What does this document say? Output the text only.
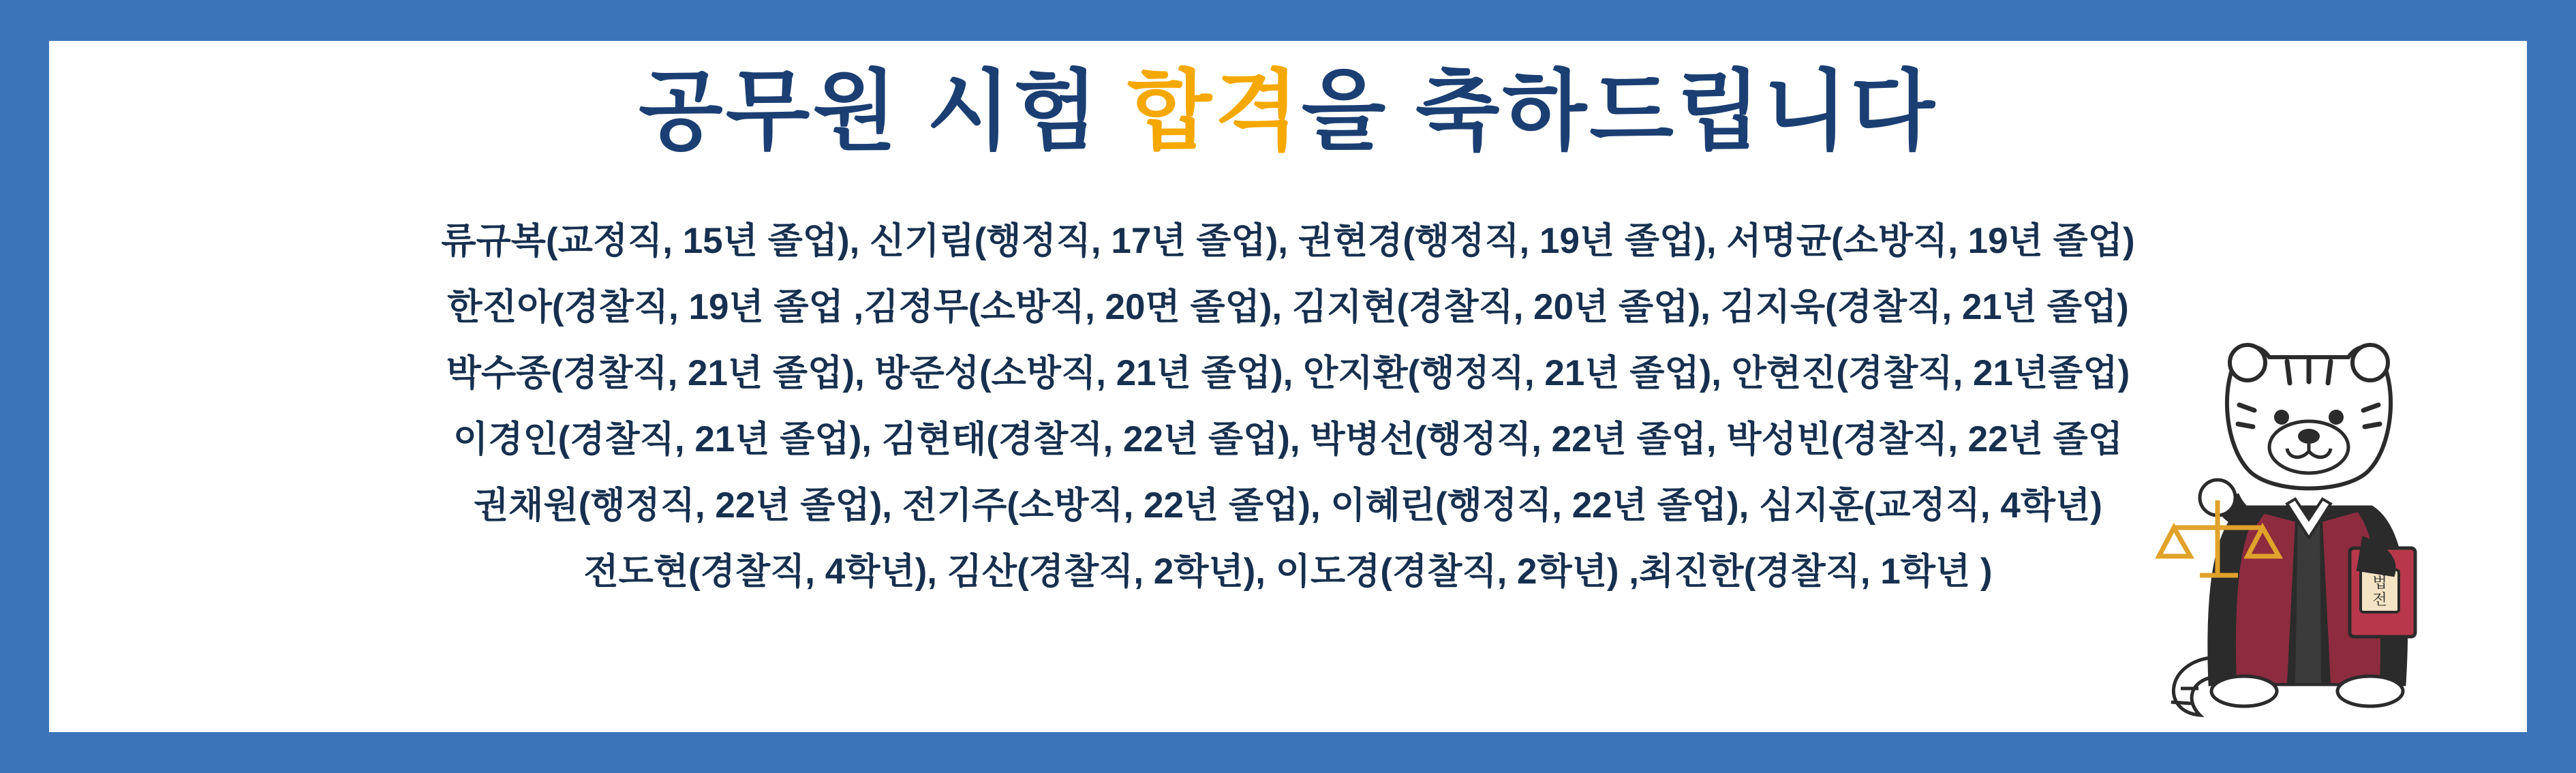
공무원 시험 합격을 축하드립니다
류규복(교정직, 15년 졸업), 신기림(행정직, 17년 졸업), 권현경(행정직, 19년 졸업), 서명균(소방직, 19년 졸업)
한진아(경찰직, 19년 졸업 ,김정무(소방직, 20면 졸업), 김지현(경찰직, 20년 졸업), 김지욱(경찰직, 21년 졸업)
박수종(경찰직, 21년 졸업), 방준성(소방직, 21년 졸업), 안지환(행정직, 21년 졸업), 안현진(경찰직, 21년졸업)
이경인(경찰직, 21년 졸업), 김현태(경찰직, 22년 졸업), 박병선(행정직, 22년 졸업, 박성빈(경찰직, 22년 졸업
권채원(행정직, 22년 졸업), 전기주(소방직, 22년 졸업), 이혜린(행정직, 22년 졸업), 심지훈(교정직, 4학년)
전도현(경찰직, 4학년), 김산(경찰직, 2학년), 이도경(경찰직, 2학년) ,최진한(경찰직, 1학년 )	법
전
